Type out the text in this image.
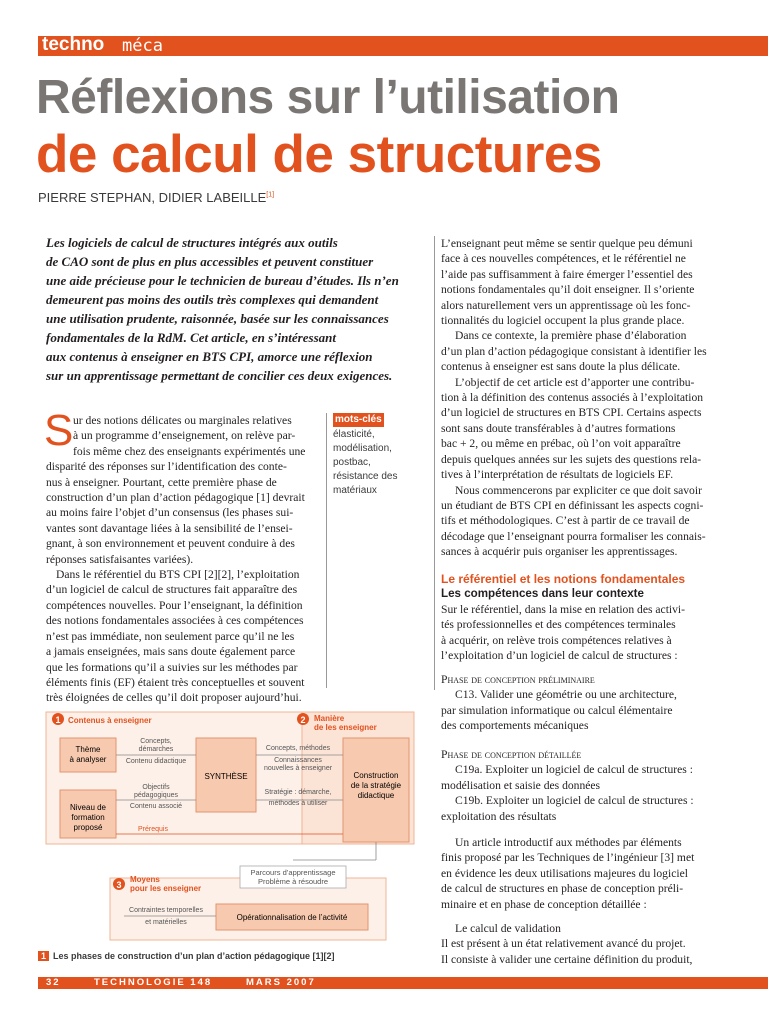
techno méca
Réflexions sur l’utilisation
de calcul de structures
PIERRE STEPHAN, DIDIER LABEILLE[1]
Les logiciels de calcul de structures intégrés aux outils
de CAO sont de plus en plus accessibles et peuvent constituer
une aide précieuse pour le technicien de bureau d’études. Ils n’en
demeurent pas moins des outils très complexes qui demandent
une utilisation prudente, raisonnée, basée sur les connaissances
fondamentales de la RdM. Cet article, en s’intéressant
aux contenus à enseigner en BTS CPI, amorce une réflexion
sur un apprentissage permettant de concilier ces deux exigences.
S ur des notions délicates ou marginales relatives
à un programme d’enseignement, on relève par-
fois même chez des enseignants expérimentés une
disparité des réponses sur l’identification des conte-
nus à enseigner. Pourtant, cette première phase de
construction d’un plan d’action pédagogique [1] devrait
au moins faire l’objet d’un consensus (les phases sui-
vantes sont davantage liées à la sensibilité de l’ensei-
gnant, à son environnement et peuvent conduire à des
réponses satisfaisantes variées).
Dans le référentiel du BTS CPI [2][2], l’exploitation
d’un logiciel de calcul de structures fait apparaître des
compétences nouvelles. Pour l’enseignant, la définition
des notions fondamentales associées à ces compétences
n’est pas immédiate, non seulement parce qu’il ne les
a jamais enseignées, mais sans doute également parce
que les formations qu’il a suivies sur les méthodes par
éléments finis (EF) étaient très conceptuelles et souvent
très éloignées de celles qu’il doit proposer aujourd’hui.
mots-clés
élasticité,
modélisation,
postbac,
résistance des
matériaux
L’enseignant peut même se sentir quelque peu démuni
face à ces nouvelles compétences, et le référentiel ne
l’aide pas suffisamment à faire émerger l’essentiel des
notions fondamentales qu’il doit enseigner. Il s’oriente
alors naturellement vers un apprentissage où les fonc-
tionnalités du logiciel occupent la plus grande place.
Dans ce contexte, la première phase d’élaboration
d’un plan d’action pédagogique consistant à identifier les
contenus à enseigner est sans doute la plus délicate.
L’objectif de cet article est d’apporter une contribu-
tion à la définition des contenus associés à l’exploitation
d’un logiciel de structures en BTS CPI. Certains aspects
sont sans doute transférables à d’autres formations
bac + 2, ou même en prébac, où l’on voit apparaître
depuis quelques années sur les sujets des questions rela-
tives à l’interprétation de résultats de logiciels EF.
Nous commencerons par expliciter ce que doit savoir
un étudiant de BTS CPI en définissant les aspects cogni-
tifs et méthodologiques. C’est à partir de ce travail de
décodage que l’enseignant pourra formaliser les connais-
sances à acquérir puis organiser les apprentissages.
Le référentiel et les notions fondamentales
Les compétences dans leur contexte
Sur le référentiel, dans la mise en relation des activi-
tés professionnelles et des compétences terminales
à acquérir, on relève trois compétences relatives à
l’exploitation d’un logiciel de calcul de structures :
Phase de conception préliminaire
C13. Valider une géométrie ou une architecture,
par simulation informatique ou calcul élémentaire
des comportements mécaniques
Phase de conception détaillée
C19a. Exploiter un logiciel de calcul de structures :
modélisation et saisie des données
C19b. Exploiter un logiciel de calcul de structures :
exploitation des résultats
Un article introductif aux méthodes par éléments
finis proposé par les Techniques de l’ingénieur [3] met
en évidence les deux utilisations majeures du logiciel
de calcul de structures en phase de conception préli-
minaire et en phase de conception détaillée :
Le calcul de validation
Il est présent à un état relativement avancé du projet.
Il consiste à valider une certaine définition du produit,
1 Contenus à enseigner	2 Manière
de les enseigner
3
Moyens
pour les enseigner
Thème
à analyser
Niveau de
formation
proposé
SYNTHÈSE	Construction
de la stratégie
didactique
Concepts,
démarches
Contenu didactique
Objectifs
pédagogiques
Contenu associé
Prérequis
Concepts, méthodes
Connaissances
nouvelles à enseigner
Stratégie : démarche,
méthodes à utiliser
Parcours d’apprentissage
Problème à résoudre
Opérationnalisation de l’activité
Contraintes temporelles
et matérielles
1 Les phases de construction d’un plan d’action pédagogique [1][2]
32	TECHNOLOGIE 148	MARS 2007
